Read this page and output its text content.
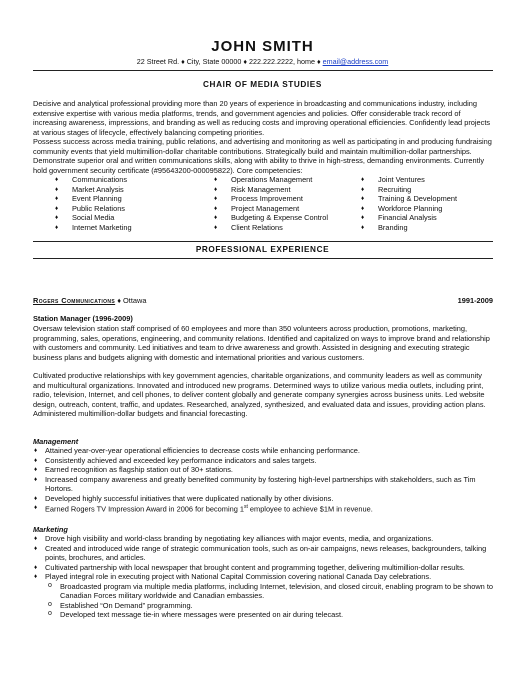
JOHN SMITH
22 Street Rd. ♦ City, State 00000 ♦ 222.222.2222, home ♦ email@address.com
CHAIR OF MEDIA STUDIES

Decisive and analytical professional providing more than 20 years of experience in broadcasting and communications industry, including extensive expertise with various media platforms, trends, and government agencies and policies. Offer considerable track record of increasing awareness, impressions, and branding as well as reducing costs and improving operational efficiencies. Confidently lead projects at various stages of lifecycle, effectively balancing competing priorities.

Possess success across media training, public relations, and advertising and monitoring as well as participating in and producing fundraising community events that yield multimillion-dollar charitable contributions. Strategically build and maintain multimillion-dollar partnerships. Demonstrate superior oral and written communications skills, along with ability to thrive in high-stress, demanding environments. Currently hold government security certificate (#95643200-000095822). Core competencies:

♦ Communications
♦ Market Analysis
♦ Event Planning
♦ Public Relations
♦ Social Media
♦ Internet Marketing
♦ Operations Management
♦ Risk Management
♦ Process Improvement
♦ Project Management
♦ Budgeting & Expense Control
♦ Client Relations
♦ Joint Ventures
♦ Recruiting
♦ Training & Development
♦ Workforce Planning
♦ Financial Analysis
♦ Branding
PROFESSIONAL EXPERIENCE
Rogers Communications ♦ Ottawa	1991-2009
Station Manager (1996-2009)

Oversaw television station staff comprised of 60 employees and more than 350 volunteers across production, promotions, marketing, programming, sales, operations, engineering, and community relations. Identified and capitalized on ways to improve brand and relationship with customers and community. Led initiatives and team to drive awareness and growth. Assisted in designing and executing strategic business plans and budgets aligning with domestic and international priorities and various customers.

Cultivated productive relationships with key government agencies, charitable organizations, and community leaders as well as community and multicultural organizations. Innovated and introduced new programs. Determined ways to utilize various media outlets, including print, radio, television, Internet, and cell phones, to deliver content globally and generate company synergies across business units. Led website design, outreach, content, traffic, and updates. Researched, analyzed, synthesized, and evaluated data and issues, providing action plans. Administered multimillion-dollar budgets and financial forecasting.

Management
♦ Attained year-over-year operational efficiencies to decrease costs while enhancing performance.
♦ Consistently achieved and exceeded key performance indicators and sales targets.
♦ Earned recognition as flagship station out of 30+ stations.
♦ Increased company awareness and greatly benefited community by fostering high-level partnerships with stakeholders, such as Tim Hortons.
♦ Developed highly successful initiatives that were duplicated nationally by other divisions.
♦ Earned Rogers TV Impression Award in 2006 for becoming 1st employee to achieve $1M in revenue.
Marketing
♦ Drove high visibility and world-class branding by negotiating key alliances with major events, media, and organizations.
♦ Created and introduced wide range of strategic communication tools, such as on-air campaigns, news releases, backgrounders, talking points, brochures, and articles.
♦ Cultivated partnership with local newspaper that brought content and programming together, delivering multimillion-dollar results.
♦ Played integral role in executing project with National Capital Commission covering national Canada Day celebrations.
o Broadcasted program via multiple media platforms, including Internet, television, and closed circuit, enabling program to be shown to Canadian Forces military worldwide and Canadian embassies.
o Established “On Demand” programming.
o Developed text message tie-in where messages were presented on air during telecast.
